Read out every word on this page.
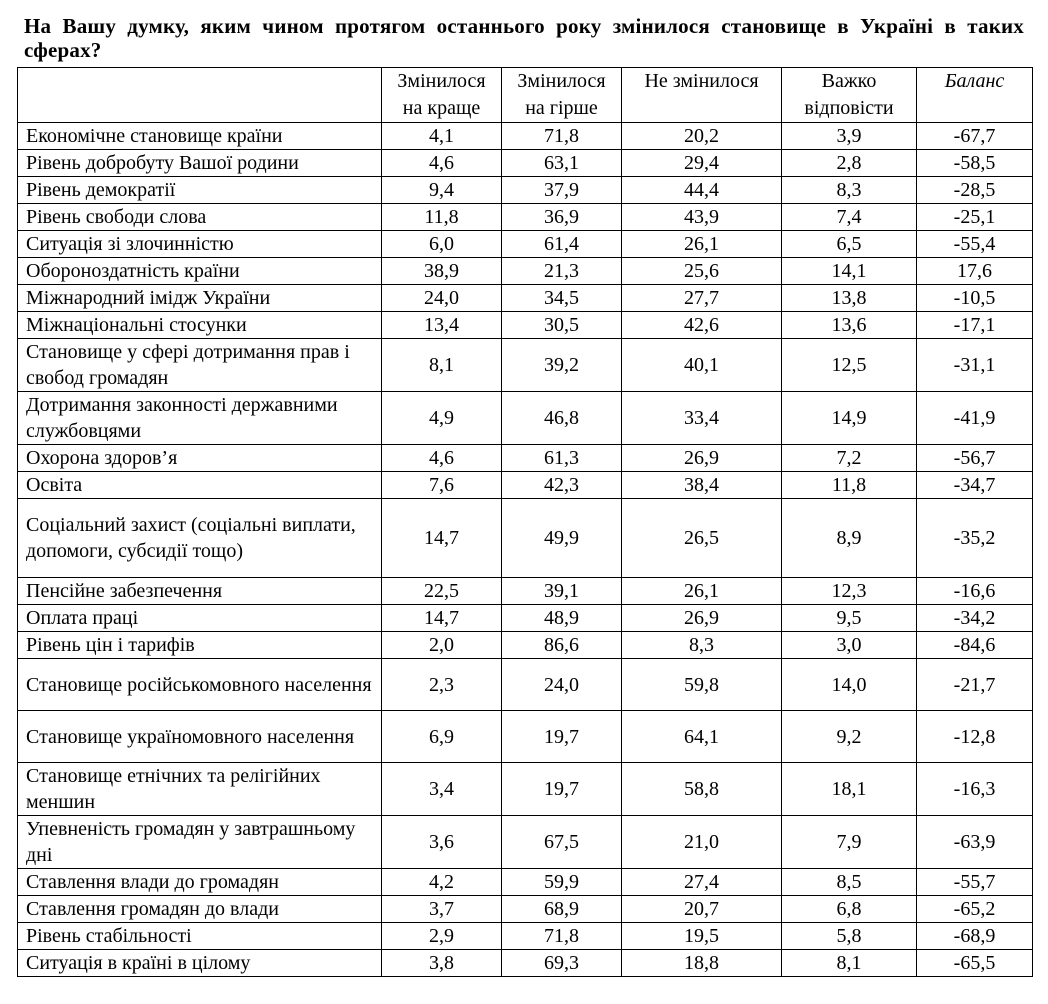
На Вашу думку, яким чином протягом останнього року змінилося становище в Україні в таких сферах?
	Змінилося на краще	Змінилося на гірше	Не змінилося	Важко відповісти	Баланс
Економічне становище країни	4,1	71,8	20,2	3,9	-67,7
Рівень добробуту Вашої родини	4,6	63,1	29,4	2,8	-58,5
Рівень демократії	9,4	37,9	44,4	8,3	-28,5
Рівень свободи слова	11,8	36,9	43,9	7,4	-25,1
Ситуація зі злочинністю	6,0	61,4	26,1	6,5	-55,4
Обороноздатність країни	38,9	21,3	25,6	14,1	17,6
Міжнародний імідж України	24,0	34,5	27,7	13,8	-10,5
Міжнаціональні стосунки	13,4	30,5	42,6	13,6	-17,1
Становище у сфері дотримання прав і свобод громадян	8,1	39,2	40,1	12,5	-31,1
Дотримання законності державними службовцями	4,9	46,8	33,4	14,9	-41,9
Охорона здоров’я	4,6	61,3	26,9	7,2	-56,7
Освіта	7,6	42,3	38,4	11,8	-34,7
Соціальний захист (соціальні виплати, допомоги, субсидії тощо)	14,7	49,9	26,5	8,9	-35,2
Пенсійне забезпечення	22,5	39,1	26,1	12,3	-16,6
Оплата праці	14,7	48,9	26,9	9,5	-34,2
Рівень цін і тарифів	2,0	86,6	8,3	3,0	-84,6
Становище російськомовного населення	2,3	24,0	59,8	14,0	-21,7
Становище україномовного населення	6,9	19,7	64,1	9,2	-12,8
Становище етнічних та релігійних меншин	3,4	19,7	58,8	18,1	-16,3
Упевненість громадян у завтрашньому дні	3,6	67,5	21,0	7,9	-63,9
Ставлення влади до громадян	4,2	59,9	27,4	8,5	-55,7
Ставлення громадян до влади	3,7	68,9	20,7	6,8	-65,2
Рівень стабільності	2,9	71,8	19,5	5,8	-68,9
Ситуація в країні в цілому	3,8	69,3	18,8	8,1	-65,5
